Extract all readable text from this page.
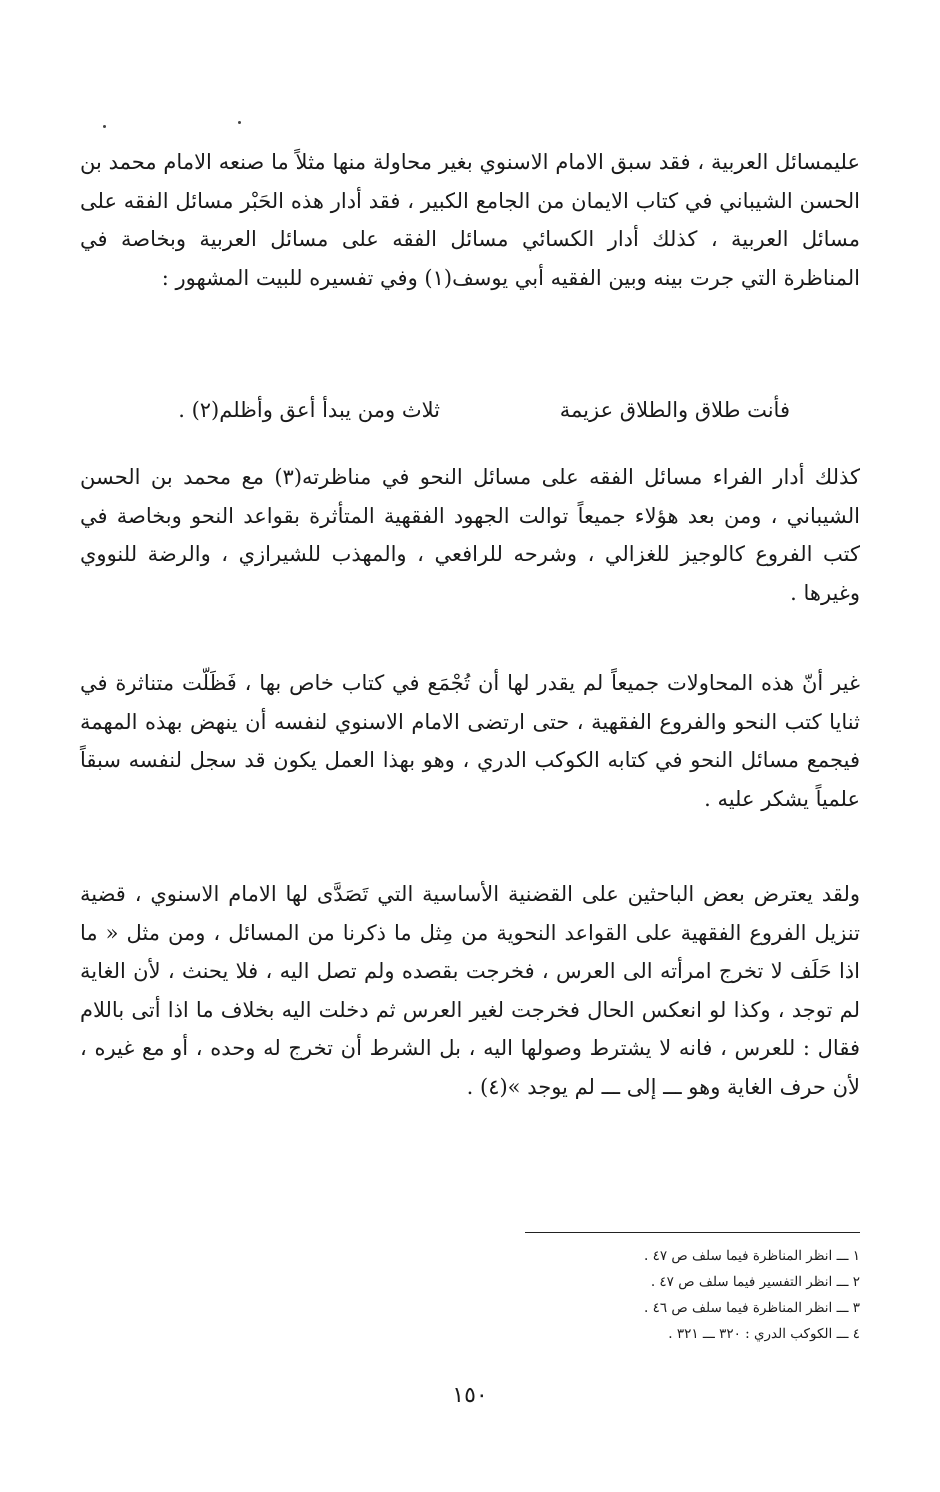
عليمسائل العربية ، فقد سبق الامام الاسنوي بغير محاولة منها مثلاً ما صنعه الامام محمد بن الحسن الشيباني في كتاب الايمان من الجامع الكبير ، فقد أدار هذه الحَبْر مسائل الفقه على مسائل العربية ، كذلك أدار الكسائي مسائل الفقه على مسائل العربية وبخاصة في المناظرة التي جرت بينه وبين الفقيه أبي يوسف(١) وفي تفسيره للبيت المشهور :

فأنت طلاق والطلاق عزيمة
ثلاث ومن يبدأ أعق وأظلم(٢) .

كذلك أدار الفراء مسائل الفقه على مسائل النحو في مناظرته(٣) مع محمد بن الحسن الشيباني ، ومن بعد هؤلاء جميعاً توالت الجهود الفقهية المتأثرة بقواعد النحو وبخاصة في كتب الفروع كالوجيز للغزالي ، وشرحه للرافعي ، والمهذب للشيرازي ، والرضة للنووي وغيرها .

غير أنّ هذه المحاولات جميعاً لم يقدر لها أن تُجْمَع في كتاب خاص بها ، فَظَلّت متناثرة في ثنايا كتب النحو والفروع الفقهية ، حتى ارتضى الامام الاسنوي لنفسه أن ينهض بهذه المهمة فيجمع مسائل النحو في كتابه الكوكب الدري ، وهو بهذا العمل يكون قد سجل لنفسه سبقاً علمياً يشكر عليه .

ولقد يعترض بعض الباحثين على القضنية الأساسية التي تَصَدَّى لها الامام الاسنوي ، قضية تنزيل الفروع الفقهية على القواعد النحوية من مِثل ما ذكرنا من المسائل ، ومن مثل « ما اذا حَلَف لا تخرج امرأته الى العرس ، فخرجت بقصده ولم تصل اليه ، فلا يحنث ، لأن الغاية لم توجد ، وكذا لو انعكس الحال فخرجت لغير العرس ثم دخلت اليه بخلاف ما اذا أتى باللام فقال : للعرس ، فانه لا يشترط وصولها اليه ، بل الشرط أن تخرج له وحده ، أو مع غيره ، لأن حرف الغاية وهو ـــ إلى ـــ لم يوجد »(٤) .

١ ـــ انظر المناظرة فيما سلف ص ٤٧ .
٢ ـــ انظر التفسير فيما سلف ص ٤٧ .
٣ ـــ انظر المناظرة فيما سلف ص ٤٦ .
٤ ـــ الكوكب الدري : ٣٢٠ ـــ ٣٢١ .
١٥٠
